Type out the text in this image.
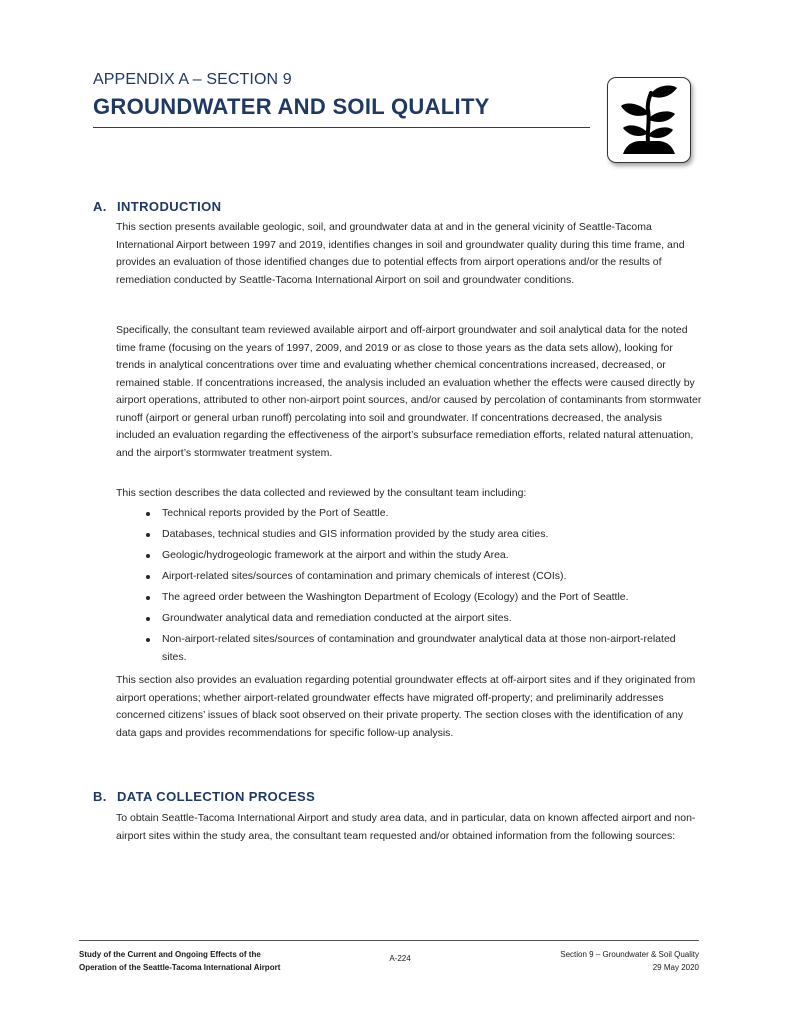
APPENDIX A – SECTION 9
GROUNDWATER AND SOIL QUALITY
A. INTRODUCTION
This section presents available geologic, soil, and groundwater data at and in the general vicinity of Seattle-Tacoma International Airport between 1997 and 2019, identifies changes in soil and groundwater quality during this time frame, and provides an evaluation of those identified changes due to potential effects from airport operations and/or the results of remediation conducted by Seattle-Tacoma International Airport on soil and groundwater conditions.
Specifically, the consultant team reviewed available airport and off-airport groundwater and soil analytical data for the noted time frame (focusing on the years of 1997, 2009, and 2019 or as close to those years as the data sets allow), looking for trends in analytical concentrations over time and evaluating whether chemical concentrations increased, decreased, or remained stable. If concentrations increased, the analysis included an evaluation whether the effects were caused directly by airport operations, attributed to other non-airport point sources, and/or caused by percolation of contaminants from stormwater runoff (airport or general urban runoff) percolating into soil and groundwater. If concentrations decreased, the analysis included an evaluation regarding the effectiveness of the airport’s subsurface remediation efforts, related natural attenuation, and the airport’s stormwater treatment system.
This section describes the data collected and reviewed by the consultant team including:
Technical reports provided by the Port of Seattle.
Databases, technical studies and GIS information provided by the study area cities.
Geologic/hydrogeologic framework at the airport and within the study Area.
Airport-related sites/sources of contamination and primary chemicals of interest (COIs).
The agreed order between the Washington Department of Ecology (Ecology) and the Port of Seattle.
Groundwater analytical data and remediation conducted at the airport sites.
Non-airport-related sites/sources of contamination and groundwater analytical data at those non-airport-related sites.
This section also provides an evaluation regarding potential groundwater effects at off-airport sites and if they originated from airport operations; whether airport-related groundwater effects have migrated off-property; and preliminarily addresses concerned citizens’ issues of black soot observed on their private property. The section closes with the identification of any data gaps and provides recommendations for specific follow-up analysis.
B. DATA COLLECTION PROCESS
To obtain Seattle-Tacoma International Airport and study area data, and in particular, data on known affected airport and non-airport sites within the study area, the consultant team requested and/or obtained information from the following sources:
Study of the Current and Ongoing Effects of the
Operation of the Seattle-Tacoma International Airport
A-224	Section 9 – Groundwater & Soil Quality
29 May 2020
